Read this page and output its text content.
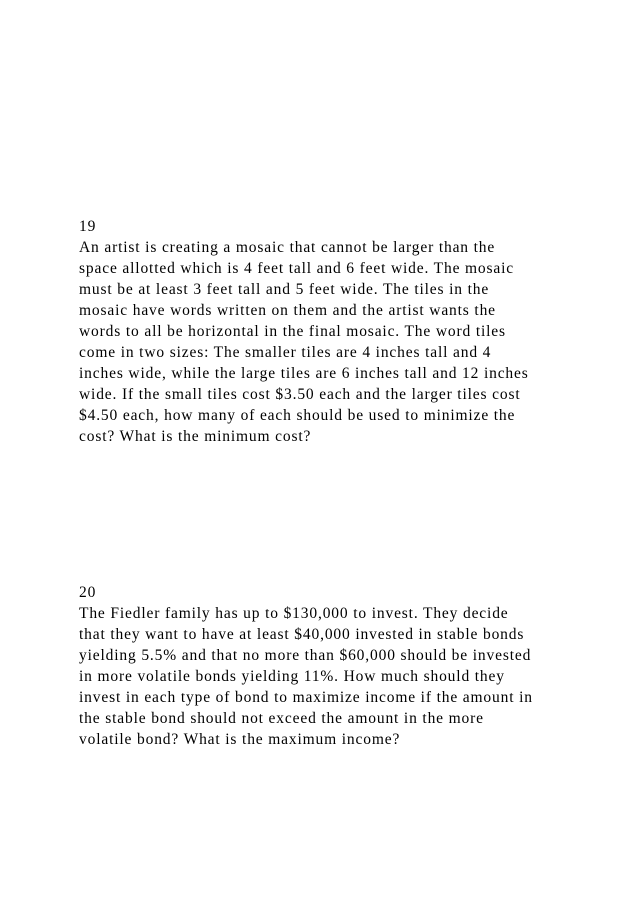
19

An artist is creating a mosaic that cannot be larger than the

space allotted which is 4 feet tall and 6 feet wide. The mosaic

must be at least 3 feet tall and 5 feet wide. The tiles in the

mosaic have words written on them and the artist wants the

words to all be horizontal in the final mosaic. The word tiles

come in two sizes: The smaller tiles are 4 inches tall and 4

inches wide, while the large tiles are 6 inches tall and 12 inches

wide. If the small tiles cost $3.50 each and the larger tiles cost

$4.50 each, how many of each should be used to minimize the

cost? What is the minimum cost?

20

The Fiedler family has up to $130,000 to invest. They decide

that they want to have at least $40,000 invested in stable bonds

yielding 5.5% and that no more than $60,000 should be invested

in more volatile bonds yielding 11%. How much should they

invest in each type of bond to maximize income if the amount in

the stable bond should not exceed the amount in the more

volatile bond? What is the maximum income?
